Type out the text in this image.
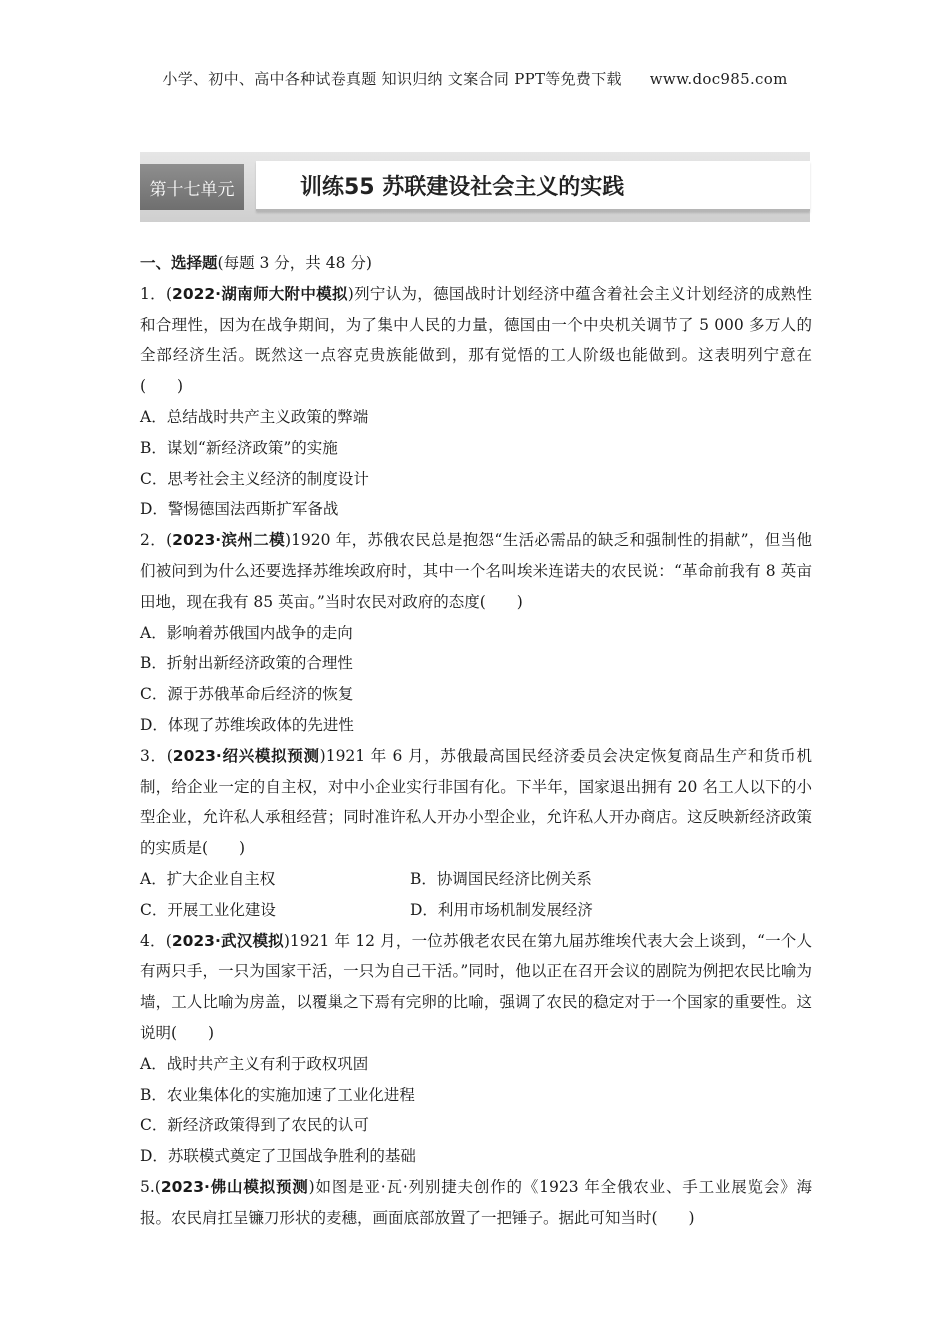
小学、初中、高中各种试卷真题 知识归纳 文案合同 PPT等免费下载 www.doc985.com
第十七单元	训练55 苏联建设社会主义的实践
一、选择题(每题 3 分，共 48 分)
1．(2022·湖南师大附中模拟)列宁认为，德国战时计划经济中蕴含着社会主义计划经济的成熟性和合理性，因为在战争期间，为了集中人民的力量，德国由一个中央机关调节了 5 000 多万人的全部经济生活。既然这一点容克贵族能做到，那有觉悟的工人阶级也能做到。这表明列宁意在(　　)
A．总结战时共产主义政策的弊端
B．谋划“新经济政策”的实施
C．思考社会主义经济的制度设计
D．警惕德国法西斯扩军备战
2．(2023·滨州二模)1920 年，苏俄农民总是抱怨“生活必需品的缺乏和强制性的捐献”，但当他们被问到为什么还要选择苏维埃政府时，其中一个名叫埃米连诺夫的农民说：“革命前我有 8 英亩田地，现在我有 85 英亩。”当时农民对政府的态度(　　)
A．影响着苏俄国内战争的走向
B．折射出新经济政策的合理性
C．源于苏俄革命后经济的恢复
D．体现了苏维埃政体的先进性
3．(2023·绍兴模拟预测)1921 年 6 月，苏俄最高国民经济委员会决定恢复商品生产和货币机制，给企业一定的自主权，对中小企业实行非国有化。下半年，国家退出拥有 20 名工人以下的小型企业，允许私人承租经营；同时准许私人开办小型企业，允许私人开办商店。这反映新经济政策的实质是(　　)
A．扩大企业自主权	B．协调国民经济比例关系
C．开展工业化建设	D．利用市场机制发展经济
4．(2023·武汉模拟)1921 年 12 月，一位苏俄老农民在第九届苏维埃代表大会上谈到，“一个人有两只手，一只为国家干活，一只为自己干活。”同时，他以正在召开会议的剧院为例把农民比喻为墙，工人比喻为房盖，以覆巢之下焉有完卵的比喻，强调了农民的稳定对于一个国家的重要性。这说明(　　)
A．战时共产主义有利于政权巩固
B．农业集体化的实施加速了工业化进程
C．新经济政策得到了农民的认可
D．苏联模式奠定了卫国战争胜利的基础
5.(2023·佛山模拟预测)如图是亚·瓦·列别捷夫创作的《1923 年全俄农业、手工业展览会》海报。农民肩扛呈镰刀形状的麦穗，画面底部放置了一把锤子。据此可知当时(　　)
